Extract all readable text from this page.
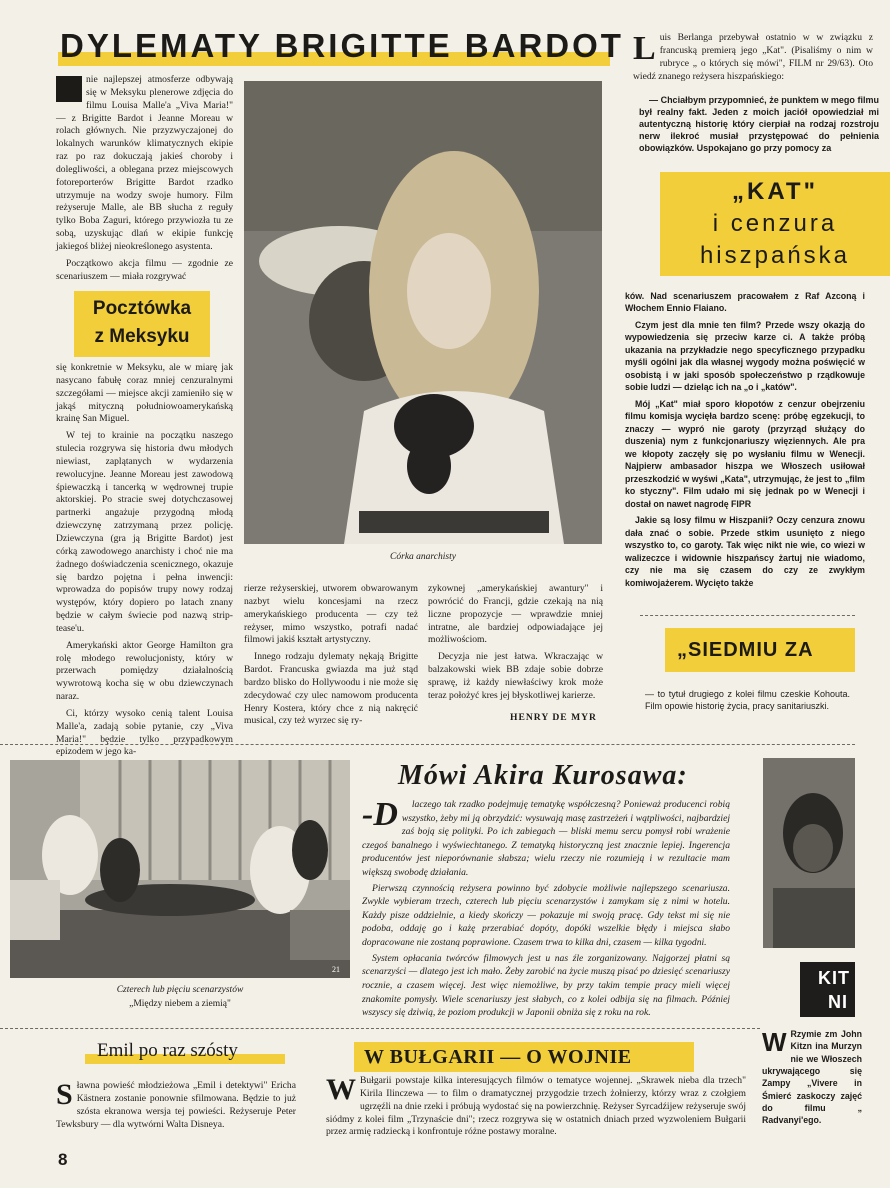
DYLEMATY BRIGITTE BARDOT

nie najlepszej atmosferze odbywają się w Meksyku plenerowe zdjęcia do filmu Louisa Malle'a „Viva Maria!" — z Brigitte Bardot i Jeanne Moreau w rolach głównych. Nie przyzwyczajonej do lokalnych warunków klimatycznych ekipie raz po raz dokuczają jakieś choroby i dolegliwości, a oblegana przez miejscowych fotoreporterów Brigitte Bardot rzadko utrzymuje na wodzy swoje humory. Film reżyseruje Malle, ale BB słucha z reguły tylko Boba Zaguri, którego przywiozła tu ze sobą, uzyskując dlań w ekipie funkcję jakiegoś bliżej nieokreślonego asystenta.

Początkowo akcja filmu — zgodnie ze scenariuszem — miała rozgrywać

Pocztówka
z Meksyku

się konkretnie w Meksyku, ale w miarę jak nasycano fabułę coraz mniej cenzuralnymi szczegółami — miejsce akcji zamieniło się w jakąś mityczną południowoamerykańską krainę San Miguel.

W tej to krainie na początku naszego stulecia rozgrywa się historia dwu młodych niewiast, zaplątanych w wydarzenia rewolucyjne. Jeanne Moreau jest zawodową śpiewaczką i tancerką w wędrownej trupie aktorskiej. Po stracie swej dotychczasowej partnerki angażuje przygodną młodą dziewczynę zatrzymaną przez policję. Dziewczyna (gra ją Brigitte Bardot) jest córką zawodowego anarchisty i choć nie ma żadnego doświadczenia scenicznego, okazuje się bardzo pojętna i pełna inwencji: wprowadza do popisów trupy nowy rodzaj występów, który dopiero po latach znany będzie w całym świecie pod nazwą strip-tease'u.

Amerykański aktor George Hamilton gra rolę młodego rewolucjonisty, który w przerwach pomiędzy działalnością wywrotową kocha się w obu dziewczynach naraz.

Ci, którzy wysoko cenią talent Louisa Malle'a, zadają sobie pytanie, czy „Viva Maria!" będzie tylko przypadkowym epizodem w jego ka-

Córka anarchisty

rierze reżyserskiej, utworem obwarowanym nazbyt wielu koncesjami na rzecz amerykańskiego producenta — czy też reżyser, mimo wszystko, potrafi nadać filmowi jakiś kształt artystyczny.

Innego rodzaju dylematy nękają Brigitte Bardot. Francuska gwiazda ma już stąd bardzo blisko do Hollywoodu i nie może się zdecydować czy ulec namowom producenta Henry Kostera, który chce z nią nakręcić musical, czy też wyrzec się ry-

zykownej „amerykańskiej awantury" i powrócić do Francji, gdzie czekają na nią liczne propozycje — wprawdzie mniej intratne, ale bardziej odpowiadające jej możliwościom.

Decyzja nie jest łatwa. Wkraczając w balzakowski wiek BB zdaje sobie dobrze sprawę, iż każdy niewłaściwy krok może teraz położyć kres jej błyskotliwej karierze.

HENRY DE MYR
L uis Berlanga przebywał ostatnio w w związku z francuską premierą jego „Kat". (Pisaliśmy o nim w rubryce „ o których się mówi", FILM nr 29/63). Oto wiedź znanego reżysera hiszpańskiego:

— Chciałbym przypomnieć, że punktem w mego filmu był realny fakt. Jeden z moich jaciół opowiedział mi autentyczną historię który cierpiał na rodzaj rozstroju nerw ilekroć musiał przystępować do pełnienia obowiązków. Uspokajano go przy pomocy za

„KAT"
i cenzura
hiszpańska

ków. Nad scenariuszem pracowałem z Raf Azconą i Włochem Ennio Flaiano.

Czym jest dla mnie ten film? Przede wszy okazją do wypowiedzenia się przeciw karze ci. A także próbą ukazania na przykładzie nego specyficznego przypadku myśli ogólni jak dla własnej wygody można poświęcić w osobistą i w jaki sposób społeczeństwo p rządkowuje sobie ludzi — dzieląc ich na „o i „katów".

Mój „Kat" miał sporo kłopotów z cenzur obejrzeniu filmu komisja wycięła bardzo scenę: próbę egzekucji, to znaczy — wypró nie garoty (przyrząd służący do duszenia) nym z funkcjonariuszy więziennych. Ale pra we kłopoty zaczęły się po wysłaniu filmu w Wenecji. Najpierw ambasador hiszpa we Włoszech usiłował przeszkodzić w wyświ „Kata", utrzymując, że jest to „film ko styczny". Film udało mi się jednak po w Wenecji i dostał on nawet nagrodę FIPR

Jakie są losy filmu w Hiszpanii? Oczy cenzura znowu dała znać o sobie. Przede stkim usunięto z niego wszystko to, co garoty. Tak więc nikt nie wie, co wiezi w walizeczce i widownie hiszpańscy żartuj nie wiadomo, czy nie ma się czasem do czy ze zwykłym komiwojażerem. Wycięto także

„SIEDMIU ZA
— to tytuł drugiego z kolei filmu czeskie Kohouta. Film opowie historię życia, pracy sanitariuszki.
21
Czterech lub pięciu scenarzystów
„Między niebem a ziemią"
Mówi Akira Kurosawa:
-D	laczego tak rzadko podejmuję tematykę współczesną? Ponieważ producenci robią wszystko, żeby mi ją obrzydzić: wysuwają masę zastrzeżeń i wątpliwości, najbardziej zaś boją się polityki. Po ich zabiegach — bliski memu sercu pomysł robi wrażenie czegoś banalnego i wyświechtanego. Z tematyką historyczną jest znacznie lepiej. Ingerencja producentów jest nieporównanie słabsza; wielu rzeczy nie rozumieją i w rezultacie mam większą swobodę działania.

Pierwszą czynnością reżysera powinno być zdobycie możliwie najlepszego scenariusza. Zwykle wybieram trzech, czterech lub pięciu scenarzystów i zamykam się z nimi w hotelu. Każdy pisze oddzielnie, a kiedy skończy — pokazuje mi swoją pracę. Gdy tekst mi się nie podoba, oddaję go i każę przerabiać dopóty, dopóki wszelkie błędy i miejsca słabo dopracowane nie zostaną poprawione. Czasem trwa to kilka dni, czasem — kilka tygodni.

System opłacania twórców filmowych jest u nas źle zorganizowany. Najgorzej płatni są scenarzyści — dlatego jest ich mało. Żeby zarobić na życie muszą pisać po dziesięć scenariuszy rocznie, a czasem więcej. Jest więc niemożliwe, by przy takim tempie pracy mieli więcej znakomite pomysły. Wiele scenariuszy jest słabych, co z kolei odbija się na filmach. Później wszyscy się dziwią, że poziom produkcji w Japonii obniża się z roku na rok.

KIT
NI
W Rzymie zm John Kitzn ina Murzyn nie we Włoszech ukrywającego się Zampy „Vivere in Śmierć zaskoczy zajęć do filmu „ Radvanyi'ego.
Emil po raz szósty
S ławna powieść młodzieżowa „Emil i detektywi" Ericha Kästnera zostanie ponownie sfilmowana. Będzie to już szósta ekranowa wersja tej powieści. Reżyseruje Peter Tewksbury — dla wytwórni Walta Disneya.
W BUŁGARII — O WOJNIE
W Bułgarii powstaje kilka interesujących filmów o tematyce wojennej. „Skrawek nieba dla trzech" Kirila Ilinczewa — to film o dramatycznej przygodzie trzech żołnierzy, którzy wraz z czołgiem ugrzęźli na dnie rzeki i próbują wydostać się na powierzchnię. Reżyser Syrcadźijew reżyseruje swój siódmy z kolei film „Trzynaście dni"; rzecz rozgrywa się w ostatnich dniach przed wyzwoleniem Bułgarii przez armię radziecką i konfrontuje różne postawy moralne.
8
